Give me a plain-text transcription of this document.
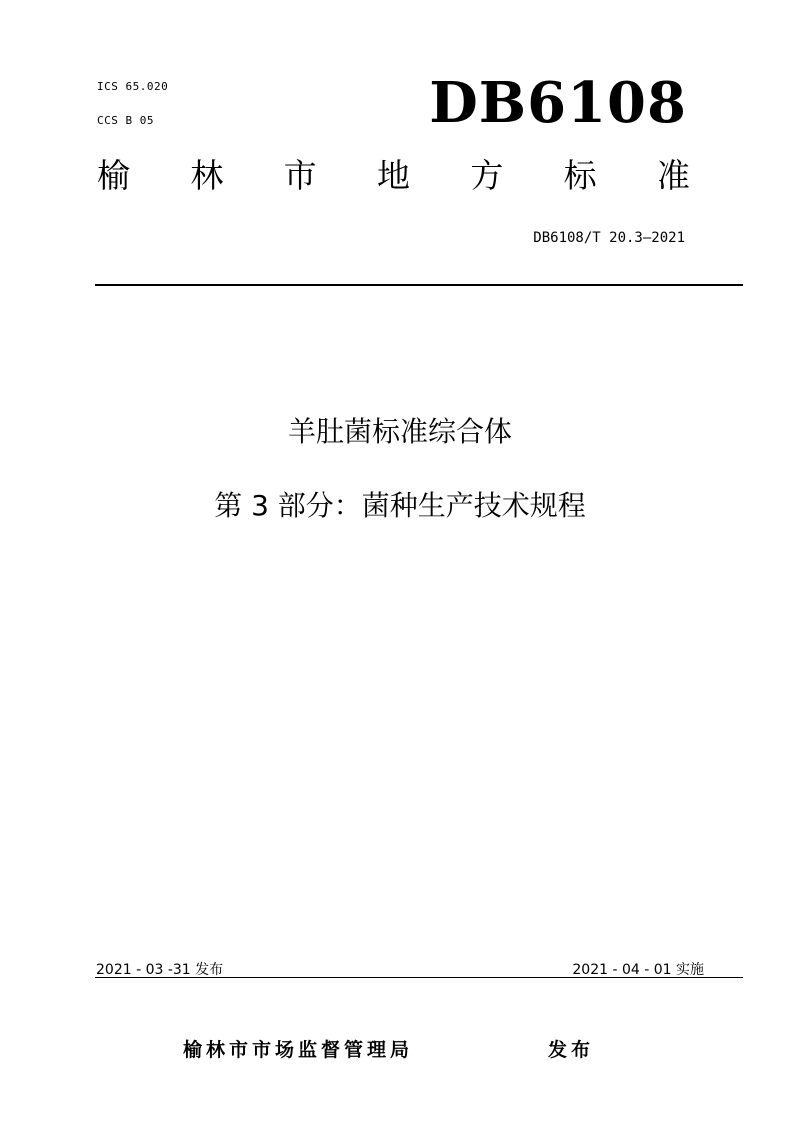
ICS 65.020
CCS B 05	DB6108
榆 林 市 地 方 标 准
DB6108/T 20.3—2021
羊肚菌标准综合体
第 3 部分：菌种生产技术规程
2021 - 03 -31 发布	2021 - 04 - 01 实施
榆林市市场监督管理局	发布
